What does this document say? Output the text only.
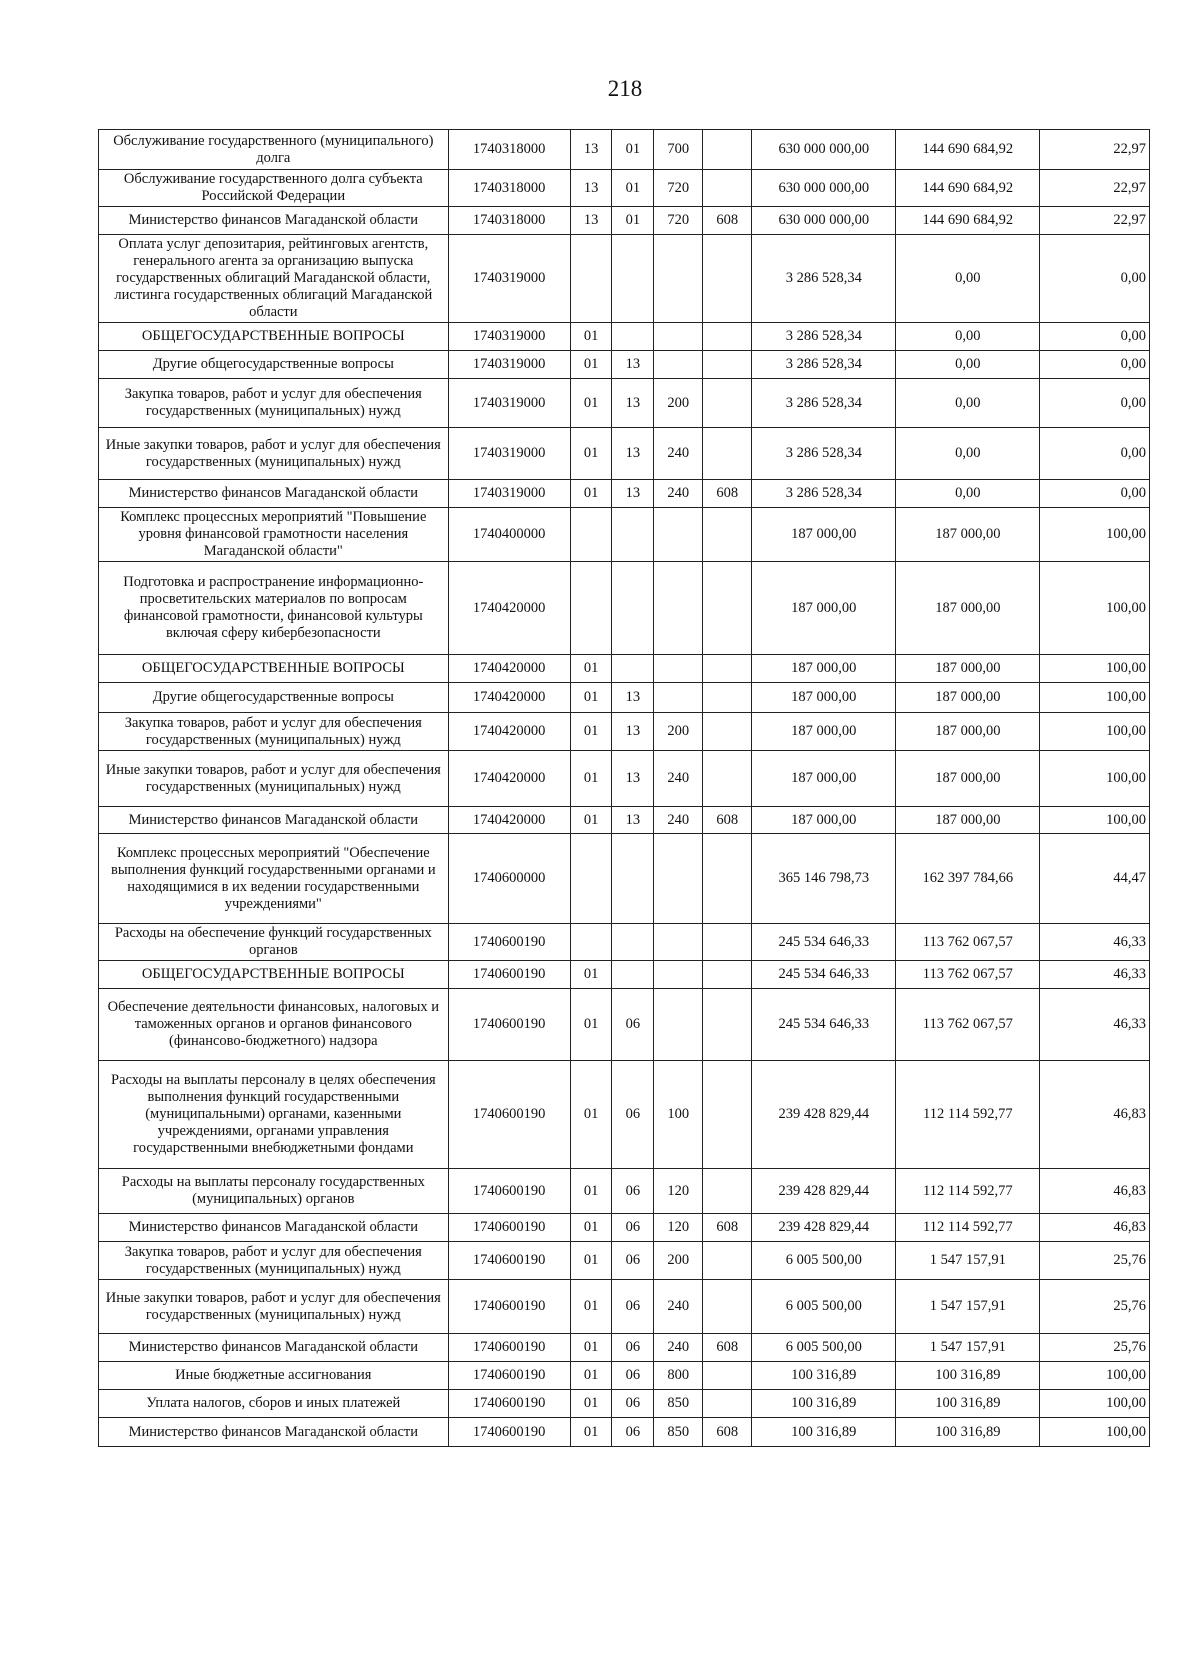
218
Обслуживание государственного (муниципального) долга	1740318000	13	01	700		630 000 000,00	144 690 684,92	22,97
Обслуживание государственного долга субъекта Российской Федерации	1740318000	13	01	720		630 000 000,00	144 690 684,92	22,97
Министерство финансов Магаданской области	1740318000	13	01	720	608	630 000 000,00	144 690 684,92	22,97
Оплата услуг депозитария, рейтинговых агентств, генерального агента за организацию выпуска государственных облигаций Магаданской области, листинга государственных облигаций Магаданской области	1740319000					3 286 528,34	0,00	0,00
ОБЩЕГОСУДАРСТВЕННЫЕ ВОПРОСЫ	1740319000	01				3 286 528,34	0,00	0,00
Другие общегосударственные вопросы	1740319000	01	13			3 286 528,34	0,00	0,00
Закупка товаров, работ и услуг для обеспечения государственных (муниципальных) нужд	1740319000	01	13	200		3 286 528,34	0,00	0,00
Иные закупки товаров, работ и услуг для обеспечения государственных (муниципальных) нужд	1740319000	01	13	240		3 286 528,34	0,00	0,00
Министерство финансов Магаданской области	1740319000	01	13	240	608	3 286 528,34	0,00	0,00
Комплекс процессных мероприятий "Повышение уровня финансовой грамотности населения Магаданской области"	1740400000					187 000,00	187 000,00	100,00
Подготовка и распространение информационно-просветительских материалов по вопросам финансовой грамотности, финансовой культуры включая сферу кибербезопасности	1740420000					187 000,00	187 000,00	100,00
ОБЩЕГОСУДАРСТВЕННЫЕ ВОПРОСЫ	1740420000	01				187 000,00	187 000,00	100,00
Другие общегосударственные вопросы	1740420000	01	13			187 000,00	187 000,00	100,00
Закупка товаров, работ и услуг для обеспечения государственных (муниципальных) нужд	1740420000	01	13	200		187 000,00	187 000,00	100,00
Иные закупки товаров, работ и услуг для обеспечения государственных (муниципальных) нужд	1740420000	01	13	240		187 000,00	187 000,00	100,00
Министерство финансов Магаданской области	1740420000	01	13	240	608	187 000,00	187 000,00	100,00
Комплекс процессных мероприятий "Обеспечение выполнения функций государственными органами и находящимися в их ведении государственными учреждениями"	1740600000					365 146 798,73	162 397 784,66	44,47
Расходы на обеспечение функций государственных органов	1740600190					245 534 646,33	113 762 067,57	46,33
ОБЩЕГОСУДАРСТВЕННЫЕ ВОПРОСЫ	1740600190	01				245 534 646,33	113 762 067,57	46,33
Обеспечение деятельности финансовых, налоговых и таможенных органов и органов финансового (финансово-бюджетного) надзора	1740600190	01	06			245 534 646,33	113 762 067,57	46,33
Расходы на выплаты персоналу в целях обеспечения выполнения функций государственными (муниципальными) органами, казенными учреждениями, органами управления государственными внебюджетными фондами	1740600190	01	06	100		239 428 829,44	112 114 592,77	46,83
Расходы на выплаты персоналу государственных (муниципальных) органов	1740600190	01	06	120		239 428 829,44	112 114 592,77	46,83
Министерство финансов Магаданской области	1740600190	01	06	120	608	239 428 829,44	112 114 592,77	46,83
Закупка товаров, работ и услуг для обеспечения государственных (муниципальных) нужд	1740600190	01	06	200		6 005 500,00	1 547 157,91	25,76
Иные закупки товаров, работ и услуг для обеспечения государственных (муниципальных) нужд	1740600190	01	06	240		6 005 500,00	1 547 157,91	25,76
Министерство финансов Магаданской области	1740600190	01	06	240	608	6 005 500,00	1 547 157,91	25,76
Иные бюджетные ассигнования	1740600190	01	06	800		100 316,89	100 316,89	100,00
Уплата налогов, сборов и иных платежей	1740600190	01	06	850		100 316,89	100 316,89	100,00
Министерство финансов Магаданской области	1740600190	01	06	850	608	100 316,89	100 316,89	100,00
